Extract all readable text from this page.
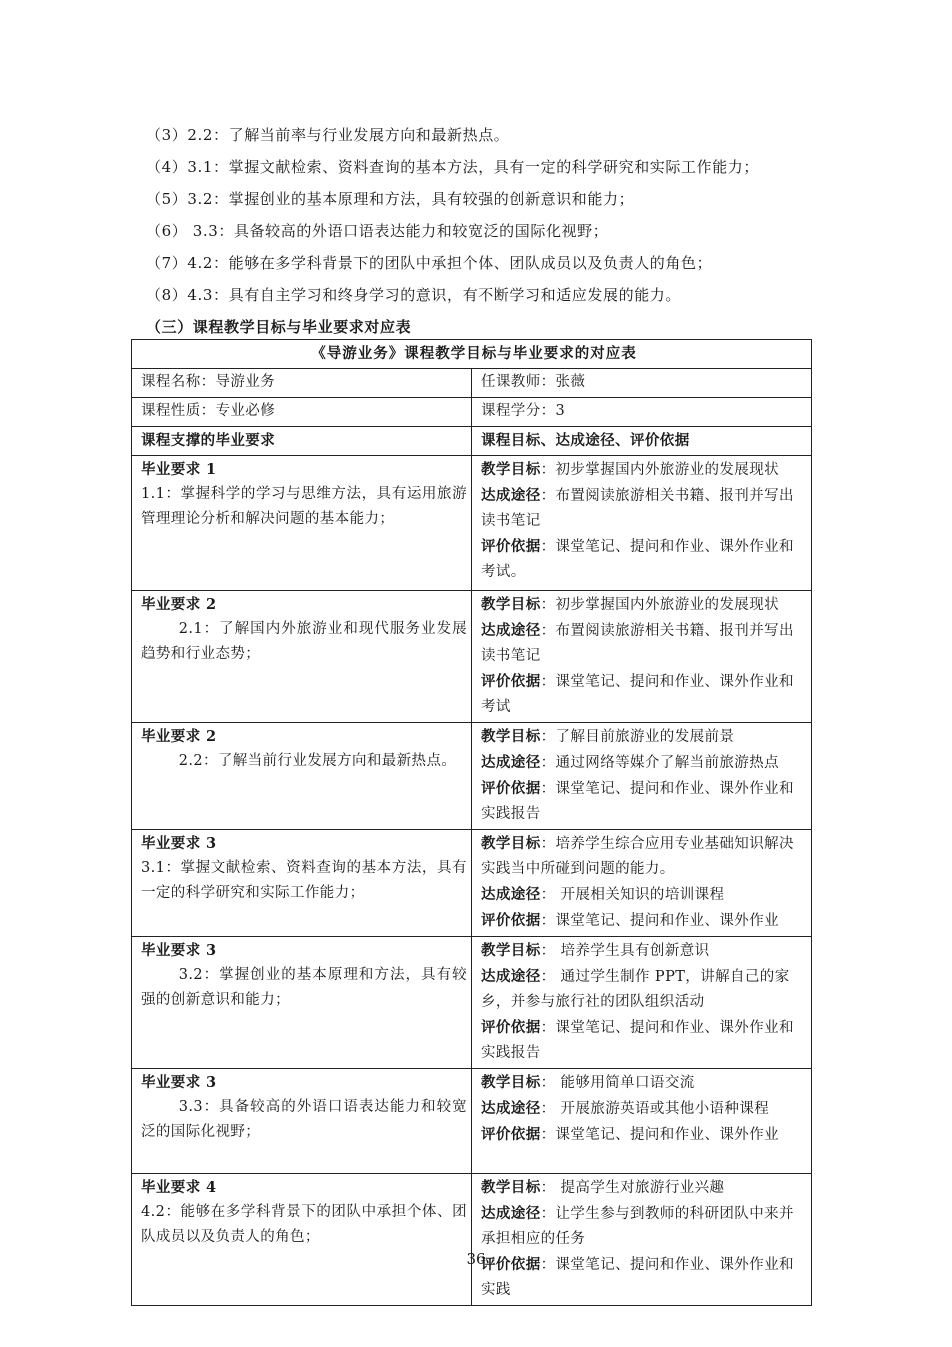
（3）2.2：了解当前率与行业发展方向和最新热点。
（4）3.1：掌握文献检索、资料查询的基本方法，具有一定的科学研究和实际工作能力；
（5）3.2：掌握创业的基本原理和方法，具有较强的创新意识和能力；
（6） 3.3：具备较高的外语口语表达能力和较宽泛的国际化视野；
（7）4.2：能够在多学科背景下的团队中承担个体、团队成员以及负责人的角色；
（8）4.3：具有自主学习和终身学习的意识，有不断学习和适应发展的能力。
（三）课程教学目标与毕业要求对应表
《导游业务》课程教学目标与毕业要求的对应表	
课程名称：导游业务	任课教师：张薇
课程性质：专业必修	课程学分：3
课程支撑的毕业要求	课程目标、达成途径、评价依据

毕业要求 1
1.1：掌握科学的学习与思维方法，具有运用旅游管理理论分析和解决问题的基本能力；	教学目标：初步掌握国内外旅游业的发展现状
达成途径：布置阅读旅游相关书籍、报刊并写出读书笔记
评价依据：课堂笔记、提问和作业、课外作业和考试。

毕业要求 2
2.1：了解国内外旅游业和现代服务业发展趋势和行业态势；	教学目标：初步掌握国内外旅游业的发展现状
达成途径：布置阅读旅游相关书籍、报刊并写出读书笔记
评价依据：课堂笔记、提问和作业、课外作业和考试

毕业要求 2
2.2：了解当前行业发展方向和最新热点。	教学目标：了解目前旅游业的发展前景
达成途径：通过网络等媒介了解当前旅游热点
评价依据：课堂笔记、提问和作业、课外作业和实践报告

毕业要求 3
3.1：掌握文献检索、资料查询的基本方法，具有一定的科学研究和实际工作能力；	教学目标：培养学生综合应用专业基础知识解决实践当中所碰到问题的能力。
达成途径： 开展相关知识的培训课程
评价依据：课堂笔记、提问和作业、课外作业

毕业要求 3
3.2：掌握创业的基本原理和方法，具有较强的创新意识和能力；	教学目标： 培养学生具有创新意识
达成途径： 通过学生制作 PPT，讲解自己的家乡，并参与旅行社的团队组织活动
评价依据：课堂笔记、提问和作业、课外作业和实践报告

毕业要求 3
3.3：具备较高的外语口语表达能力和较宽泛的国际化视野；	教学目标： 能够用简单口语交流
达成途径： 开展旅游英语或其他小语种课程
评价依据：课堂笔记、提问和作业、课外作业

毕业要求 4
4.2：能够在多学科背景下的团队中承担个体、团队成员以及负责人的角色；	教学目标： 提高学生对旅游行业兴趣
达成途径：让学生参与到教师的科研团队中来并承担相应的任务
评价依据：课堂笔记、提问和作业、课外作业和实践
36
